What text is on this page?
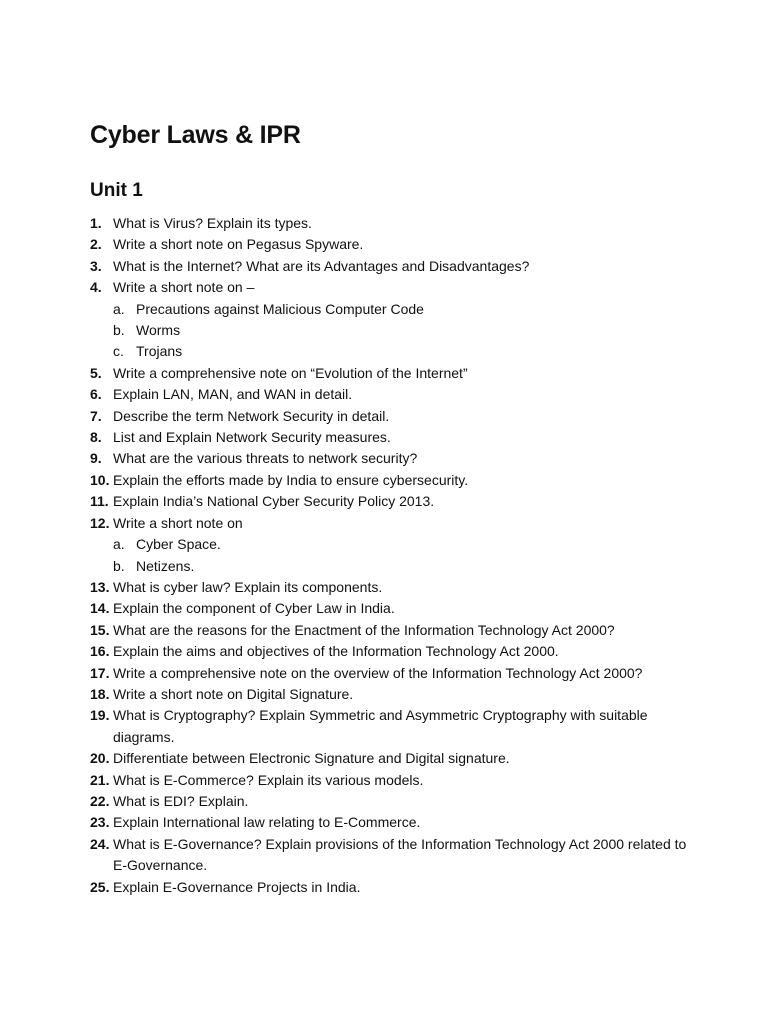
Cyber Laws & IPR
Unit 1
1. What is Virus? Explain its types.
2. Write a short note on Pegasus Spyware.
3. What is the Internet? What are its Advantages and Disadvantages?
4. Write a short note on –
a. Precautions against Malicious Computer Code
b. Worms
c. Trojans
5. Write a comprehensive note on “Evolution of the Internet”
6. Explain LAN, MAN, and WAN in detail.
7. Describe the term Network Security in detail.
8. List and Explain Network Security measures.
9. What are the various threats to network security?
10. Explain the efforts made by India to ensure cybersecurity.
11. Explain India’s National Cyber Security Policy 2013.
12. Write a short note on
a. Cyber Space.
b. Netizens.
13. What is cyber law? Explain its components.
14. Explain the component of Cyber Law in India.
15. What are the reasons for the Enactment of the Information Technology Act 2000?
16. Explain the aims and objectives of the Information Technology Act 2000.
17. Write a comprehensive note on the overview of the Information Technology Act 2000?
18. Write a short note on Digital Signature.
19. What is Cryptography? Explain Symmetric and Asymmetric Cryptography with suitable diagrams.
20. Differentiate between Electronic Signature and Digital signature.
21. What is E-Commerce? Explain its various models.
22. What is EDI? Explain.
23. Explain International law relating to E-Commerce.
24. What is E-Governance? Explain provisions of the Information Technology Act 2000 related to E-Governance.
25. Explain E-Governance Projects in India.
